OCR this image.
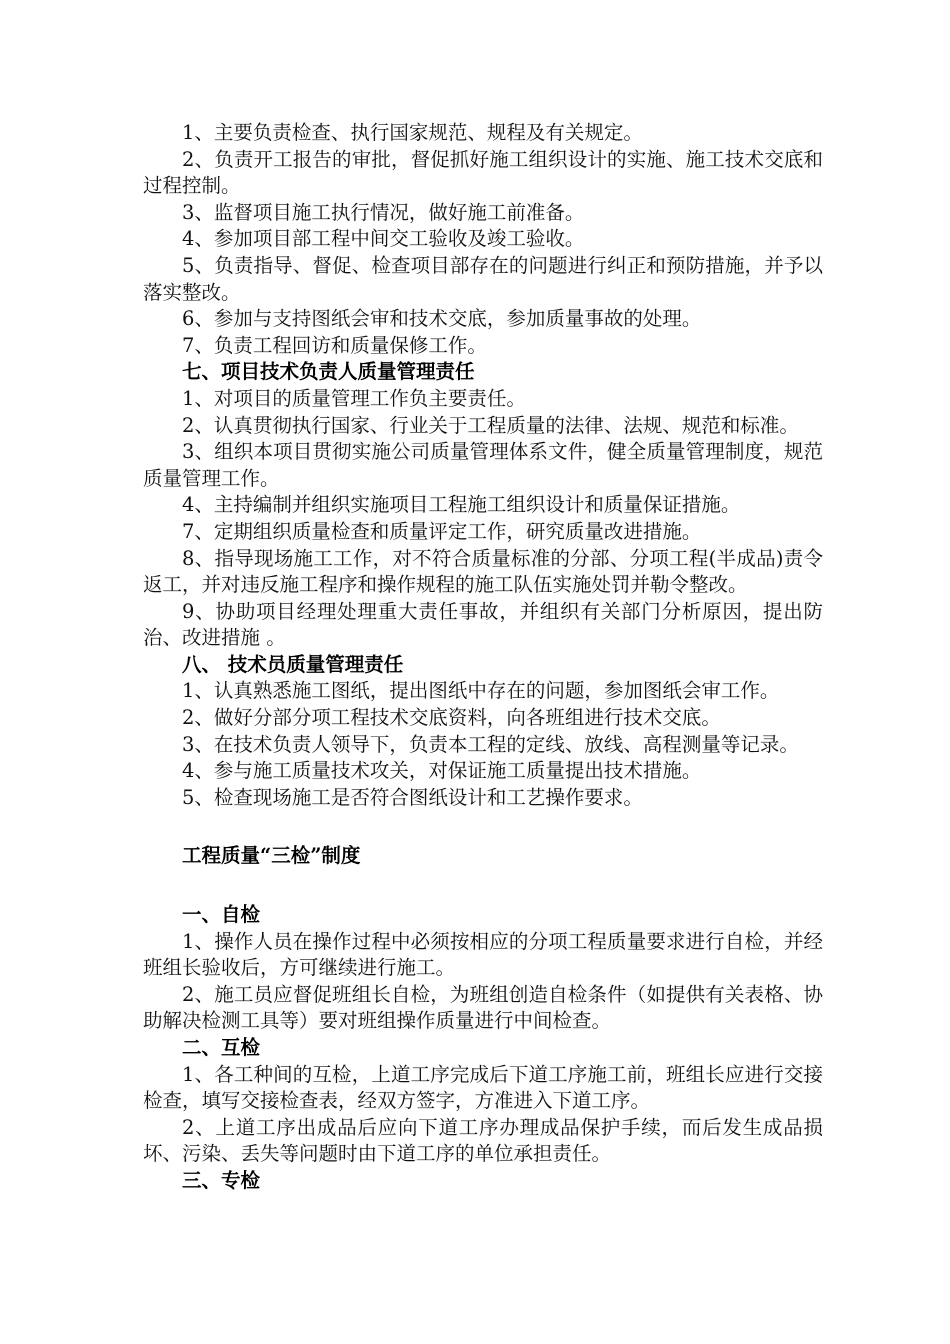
1、主要负责检查、执行国家规范、规程及有关规定。

2、负责开工报告的审批，督促抓好施工组织设计的实施、施工技术交底和过程控制。

3、监督项目施工执行情况，做好施工前准备。

4、参加项目部工程中间交工验收及竣工验收。

5、负责指导、督促、检查项目部存在的问题进行纠正和预防措施，并予以落实整改。

6、参加与支持图纸会审和技术交底，参加质量事故的处理。

7、负责工程回访和质量保修工作。

七、项目技术负责人质量管理责任

1、对项目的质量管理工作负主要责任。

2、认真贯彻执行国家、行业关于工程质量的法律、法规、规范和标准。

3、组织本项目贯彻实施公司质量管理体系文件，健全质量管理制度，规范质量管理工作。

4、主持编制并组织实施项目工程施工组织设计和质量保证措施。

7、定期组织质量检查和质量评定工作，研究质量改进措施。

8、指导现场施工工作，对不符合质量标准的分部、分项工程(半成品)责令返工，并对违反施工程序和操作规程的施工队伍实施处罚并勒令整改。

9、协助项目经理处理重大责任事故，并组织有关部门分析原因，提出防治、改进措施 。

八、 技术员质量管理责任

1、认真熟悉施工图纸，提出图纸中存在的问题，参加图纸会审工作。

2、做好分部分项工程技术交底资料，向各班组进行技术交底。

3、在技术负责人领导下，负责本工程的定线、放线、高程测量等记录。

4、参与施工质量技术攻关，对保证施工质量提出技术措施。

5、检查现场施工是否符合图纸设计和工艺操作要求。

工程质量“三检”制度

一、自检

1、操作人员在操作过程中必须按相应的分项工程质量要求进行自检，并经班组长验收后，方可继续进行施工。

2、施工员应督促班组长自检，为班组创造自检条件（如提供有关表格、协助解决检测工具等）要对班组操作质量进行中间检查。

二、互检

1、各工种间的互检，上道工序完成后下道工序施工前，班组长应进行交接检查，填写交接检查表，经双方签字，方准进入下道工序。

2、上道工序出成品后应向下道工序办理成品保护手续，而后发生成品损坏、污染、丢失等问题时由下道工序的单位承担责任。

三、专检
